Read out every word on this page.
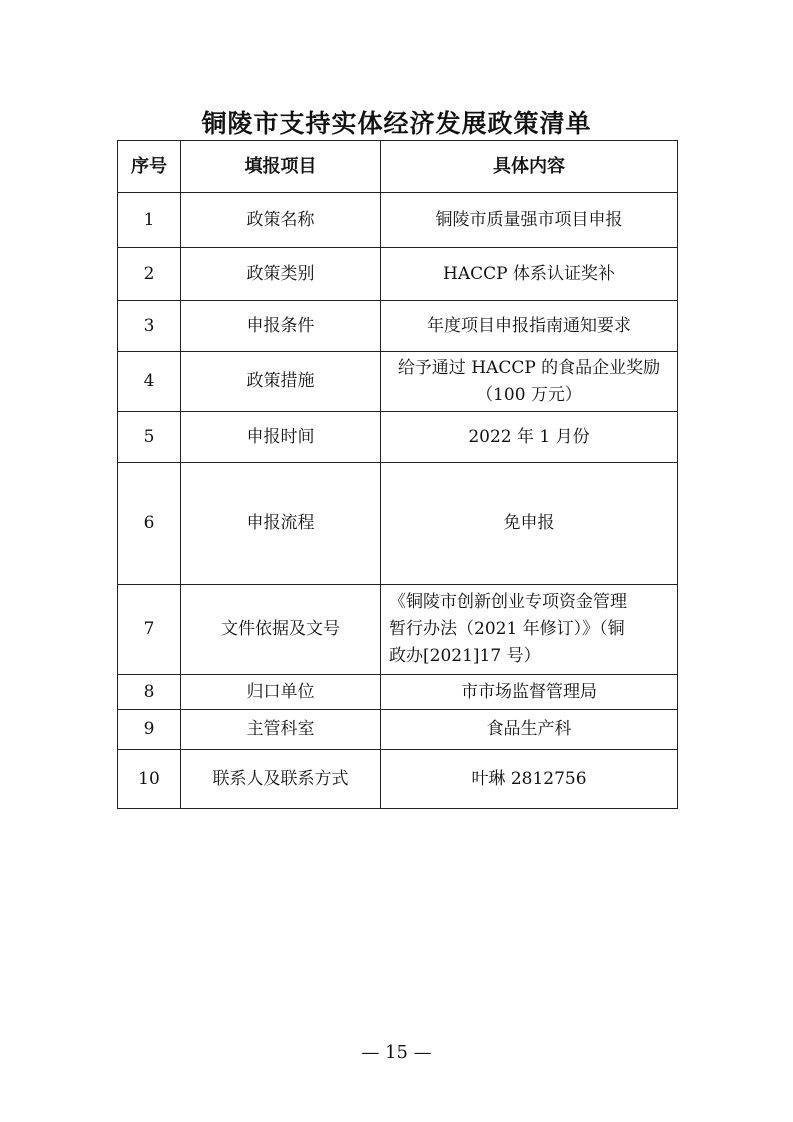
铜陵市支持实体经济发展政策清单
序号	填报项目	具体内容
1	政策名称	铜陵市质量强市项目申报
2	政策类别	HACCP 体系认证奖补
3	申报条件	年度项目申报指南通知要求
4	政策措施	给予通过 HACCP 的食品企业奖励
（100 万元）

5	申报时间	2022 年 1 月份
6	申报流程	免申报
7	文件依据及文号	《铜陵市创新创业专项资金管理
暂行办法（2021 年修订）》（铜
政办[2021]17 号）

8	归口单位	市市场监督管理局
9	主管科室	食品生产科
10	联系人及联系方式	叶琳 2812756
— 15 —
